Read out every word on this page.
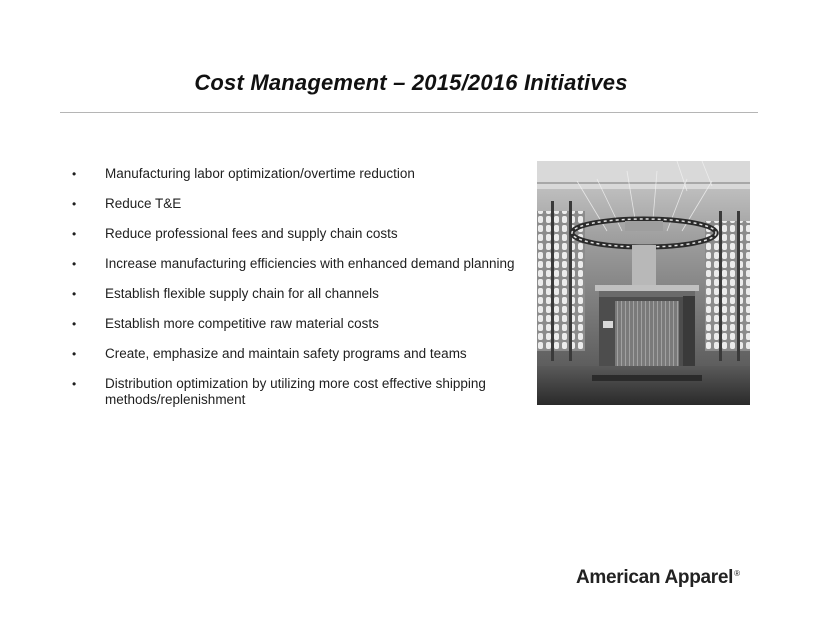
Cost Management – 2015/2016 Initiatives
•	Manufacturing labor optimization/overtime reduction
•	Reduce T&E
•	Reduce professional fees and supply chain costs
•	Increase manufacturing efficiencies with enhanced demand planning
•	Establish flexible supply chain for all channels
•	Establish more competitive raw material costs
•	Create, emphasize and maintain safety programs and teams
•	Distribution optimization by utilizing more cost effective shipping methods/replenishment
American Apparel®
